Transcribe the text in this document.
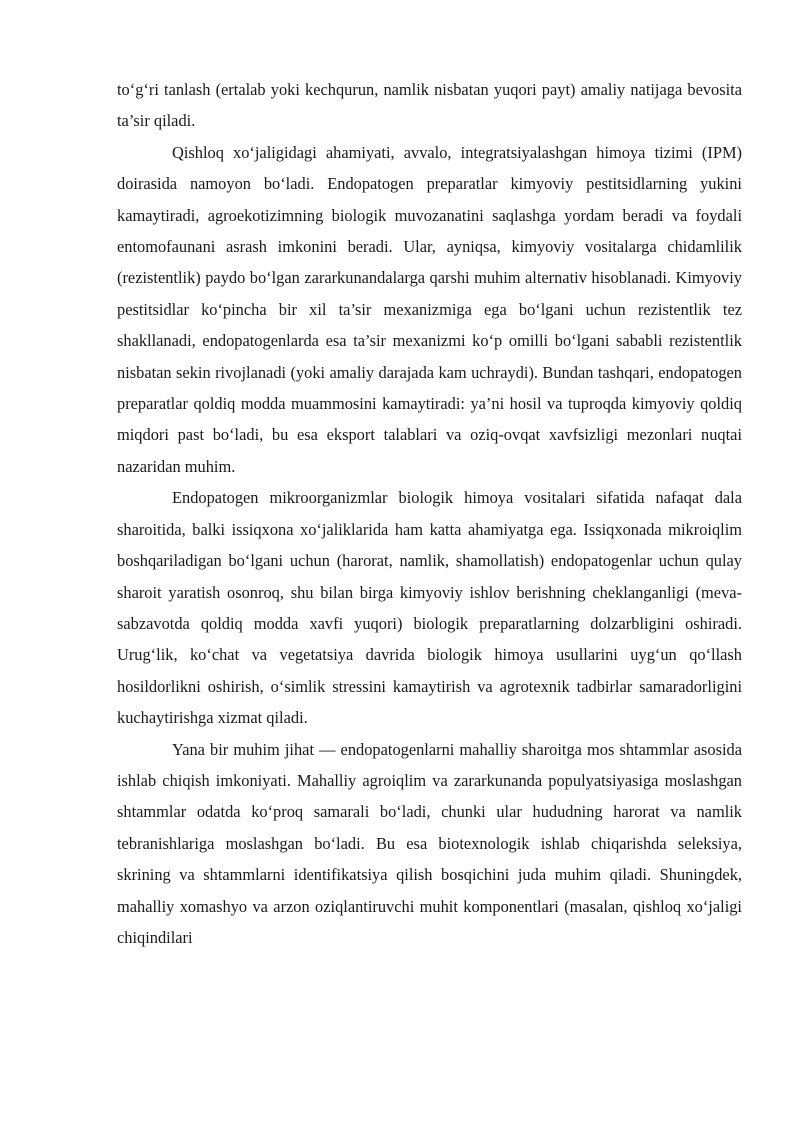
to‘g‘ri tanlash (ertalab yoki kechqurun, namlik nisbatan yuqori payt) amaliy natijaga bevosita ta’sir qiladi.

Qishloq xo‘jaligidagi ahamiyati, avvalo, integratsiyalashgan himoya tizimi (IPM) doirasida namoyon bo‘ladi. Endopatogen preparatlar kimyoviy pestitsidlarning yukini kamaytiradi, agroekotizimning biologik muvozanatini saqlashga yordam beradi va foydali entomofaunani asrash imkonini beradi. Ular, ayniqsa, kimyoviy vositalarga chidamlilik (rezistentlik) paydo bo‘lgan zararkunandalarga qarshi muhim alternativ hisoblanadi. Kimyoviy pestitsidlar ko‘pincha bir xil ta’sir mexanizmiga ega bo‘lgani uchun rezistentlik tez shakllanadi, endopatogenlarda esa ta’sir mexanizmi ko‘p omilli bo‘lgani sababli rezistentlik nisbatan sekin rivojlanadi (yoki amaliy darajada kam uchraydi). Bundan tashqari, endopatogen preparatlar qoldiq modda muammosini kamaytiradi: ya’ni hosil va tuproqda kimyoviy qoldiq miqdori past bo‘ladi, bu esa eksport talablari va oziq-ovqat xavfsizligi mezonlari nuqtai nazaridan muhim.

Endopatogen mikroorganizmlar biologik himoya vositalari sifatida nafaqat dala sharoitida, balki issiqxona xo‘jaliklarida ham katta ahamiyatga ega. Issiqxonada mikroiqlim boshqariladigan bo‘lgani uchun (harorat, namlik, shamollatish) endopatogenlar uchun qulay sharoit yaratish osonroq, shu bilan birga kimyoviy ishlov berishning cheklanganligi (meva-sabzavotda qoldiq modda xavfi yuqori) biologik preparatlarning dolzarbligini oshiradi. Urug‘lik, ko‘chat va vegetatsiya davrida biologik himoya usullarini uyg‘un qo‘llash hosildorlikni oshirish, o‘simlik stressini kamaytirish va agrotexnik tadbirlar samaradorligini kuchaytirishga xizmat qiladi.

Yana bir muhim jihat — endopatogenlarni mahalliy sharoitga mos shtammlar asosida ishlab chiqish imkoniyati. Mahalliy agroiqlim va zararkunanda populyatsiyasiga moslashgan shtammlar odatda ko‘proq samarali bo‘ladi, chunki ular hududning harorat va namlik tebranishlariga moslashgan bo‘ladi. Bu esa biotexnologik ishlab chiqarishda seleksiya, skrining va shtammlarni identifikatsiya qilish bosqichini juda muhim qiladi. Shuningdek, mahalliy xomashyo va arzon oziqlantiruvchi muhit komponentlari (masalan, qishloq xo‘jaligi chiqindilari
